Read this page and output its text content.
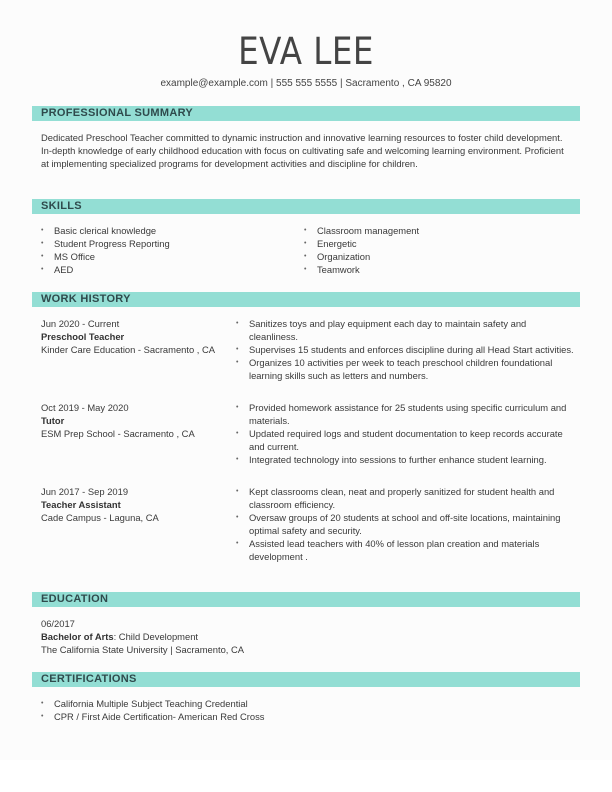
EVA LEE
example@example.com | 555 555 5555 | Sacramento , CA 95820
PROFESSIONAL SUMMARY
Dedicated Preschool Teacher committed to dynamic instruction and innovative learning resources to foster child development. In-depth knowledge of early childhood education with focus on cultivating safe and welcoming learning environment. Proficient at implementing specialized programs for development activities and discipline for children.
SKILLS
• Basic clerical knowledge
• Student Progress Reporting
• MS Office
• AED
• Classroom management
• Energetic
• Organization
• Teamwork
WORK HISTORY
Jun 2020 - Current
Preschool Teacher
Kinder Care Education - Sacramento , CA
• Sanitizes toys and play equipment each day to maintain safety and cleanliness.
• Supervises 15 students and enforces discipline during all Head Start activities.
• Organizes 10 activities per week to teach preschool children foundational learning skills such as letters and numbers.
Oct 2019 - May 2020
Tutor
ESM Prep School - Sacramento , CA
• Provided homework assistance for 25 students using specific curriculum and materials.
• Updated required logs and student documentation to keep records accurate and current.
• Integrated technology into sessions to further enhance student learning.
Jun 2017 - Sep 2019
Teacher Assistant
Cade Campus - Laguna, CA
• Kept classrooms clean, neat and properly sanitized for student health and classroom efficiency.
• Oversaw groups of 20 students at school and off-site locations, maintaining optimal safety and security.
• Assisted lead teachers with 40% of lesson plan creation and materials development .
EDUCATION
06/2017
Bachelor of Arts: Child Development
The California State University | Sacramento, CA
CERTIFICATIONS
• California Multiple Subject Teaching Credential
• CPR / First Aide Certification- American Red Cross
